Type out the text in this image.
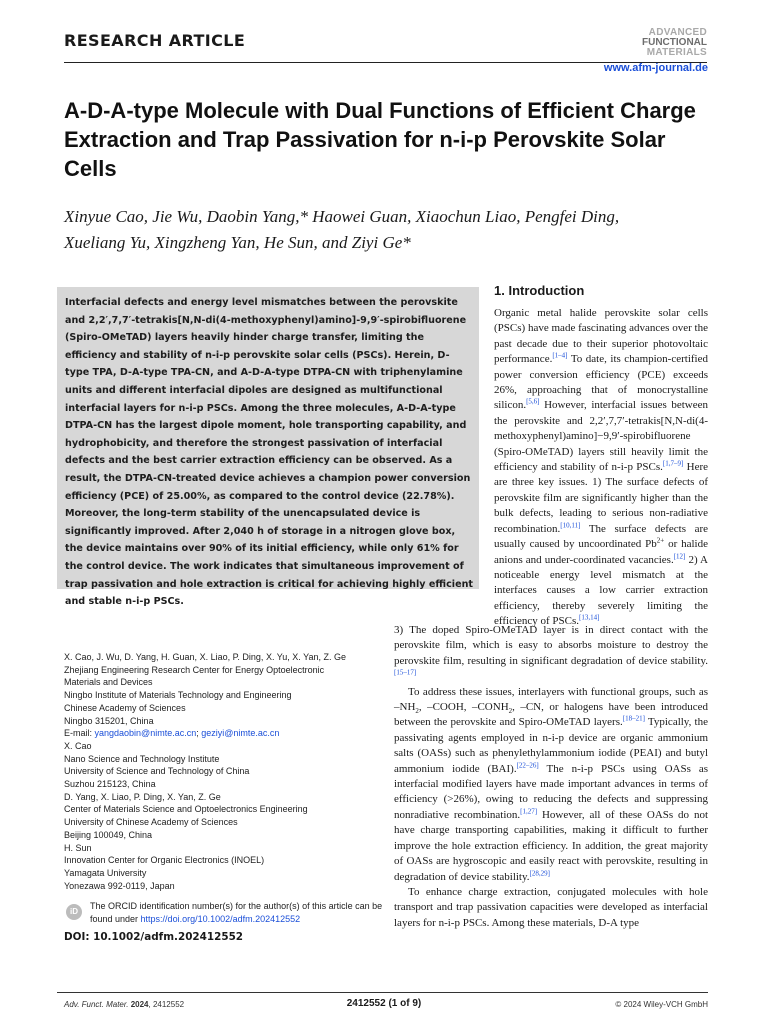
RESEARCH ARTICLE	ADVANCED
FUNCTIONAL
MATERIALS
www.afm-journal.de
A-D-A-type Molecule with Dual Functions of Efficient Charge Extraction and Trap Passivation for n-i-p Perovskite Solar Cells
Xinyue Cao, Jie Wu, Daobin Yang,* Haowei Guan, Xiaochun Liao, Pengfei Ding, Xueliang Yu, Xingzheng Yan, He Sun, and Ziyi Ge*
Interfacial defects and energy level mismatches between the perovskite and 2,2′,7,7′-tetrakis[N,N-di(4-methoxyphenyl)amino]-9,9′-spirobifluorene (Spiro-OMeTAD) layers heavily hinder charge transfer, limiting the efficiency and stability of n-i-p perovskite solar cells (PSCs). Herein, D-type TPA, D-A-type TPA-CN, and A-D-A-type DTPA-CN with triphenylamine units and different interfacial dipoles are designed as multifunctional interfacial layers for n-i-p PSCs. Among the three molecules, A-D-A-type DTPA-CN has the largest dipole moment, hole transporting capability, and hydrophobicity, and therefore the strongest passivation of interfacial defects and the best carrier extraction efficiency can be observed. As a result, the DTPA-CN-treated device achieves a champion power conversion efficiency (PCE) of 25.00%, as compared to the control device (22.78%). Moreover, the long-term stability of the unencapsulated device is significantly improved. After 2,040 h of storage in a nitrogen glove box, the device maintains over 90% of its initial efficiency, while only 61% for the control device. The work indicates that simultaneous improvement of trap passivation and hole extraction is critical for achieving highly efficient and stable n-i-p PSCs.
1. Introduction
Organic metal halide perovskite solar cells (PSCs) have made fascinating advances over the past decade due to their superior photovoltaic performance.[1–4] To date, its champion-certified power conversion efficiency (PCE) exceeds 26%, approaching that of monocrystalline silicon.[5,6] However, interfacial issues between the perovskite and 2,2′,7,7′-tetrakis[N,N-di(4-methoxyphenyl)amino]−9,9′-spirobifluorene (Spiro-OMeTAD) layers still heavily limit the efficiency and stability of n-i-p PSCs.[1,7–9] Here are three key issues. 1) The surface defects of perovskite film are significantly higher than the bulk defects, leading to serious non-radiative recombination.[10,11] The surface defects are usually caused by uncoordinated $Pb^{2+}$ or halide anions and under-coordinated vacancies.[12] 2) A noticeable energy level mismatch at the interfaces causes a low carrier extraction efficiency, thereby severely limiting the efficiency of PSCs.[13,14]
3) The doped Spiro-OMeTAD layer is in direct contact with the perovskite film, which is easy to absorbs moisture to destroy the perovskite film, resulting in significant degradation of device stability.[15–17]
To address these issues, interlayers with functional groups, such as $-NH_2$, –COOH, $-CONH_2$, –CN, or halogens have been introduced between the perovskite and Spiro-OMeTAD layers.[18–21] Typically, the passivating agents employed in n-i-p device are organic ammonium salts (OASs) such as phenylethylammonium iodide (PEAI) and butyl ammonium iodide (BAI).[22–26] The n-i-p PSCs using OASs as interfacial modified layers have made important advances in terms of efficiency (>26%), owing to reducing the defects and suppressing nonradiative recombination.[1,27] However, all of these OASs do not have charge transporting capabilities, making it difficult to further improve the hole extraction efficiency. In addition, the great majority of OASs are hygroscopic and easily react with perovskite, resulting in degradation of device stability.[28,29]
To enhance charge extraction, conjugated molecules with hole transport and trap passivation capacities were developed as interfacial layers for n-i-p PSCs. Among these materials, D-A type
X. Cao, J. Wu, D. Yang, H. Guan, X. Liao, P. Ding, X. Yu, X. Yan, Z. Ge
Zhejiang Engineering Research Center for Energy Optoelectronic
Materials and Devices
Ningbo Institute of Materials Technology and Engineering
Chinese Academy of Sciences
Ningbo 315201, China
E-mail: yangdaobin@nimte.ac.cn; geziyi@nimte.ac.cn
X. Cao
Nano Science and Technology Institute
University of Science and Technology of China
Suzhou 215123, China
D. Yang, X. Liao, P. Ding, X. Yan, Z. Ge
Center of Materials Science and Optoelectronics Engineering
University of Chinese Academy of Sciences
Beijing 100049, China
H. Sun
Innovation Center for Organic Electronics (INOEL)
Yamagata University
Yonezawa 992-0119, Japan
iD
The ORCID identification number(s) for the author(s) of this article can be found under https://doi.org/10.1002/adfm.202412552
DOI: 10.1002/adfm.202412552
Adv. Funct. Mater. 2024, 2412552	2412552 (1 of 9)	© 2024 Wiley-VCH GmbH
